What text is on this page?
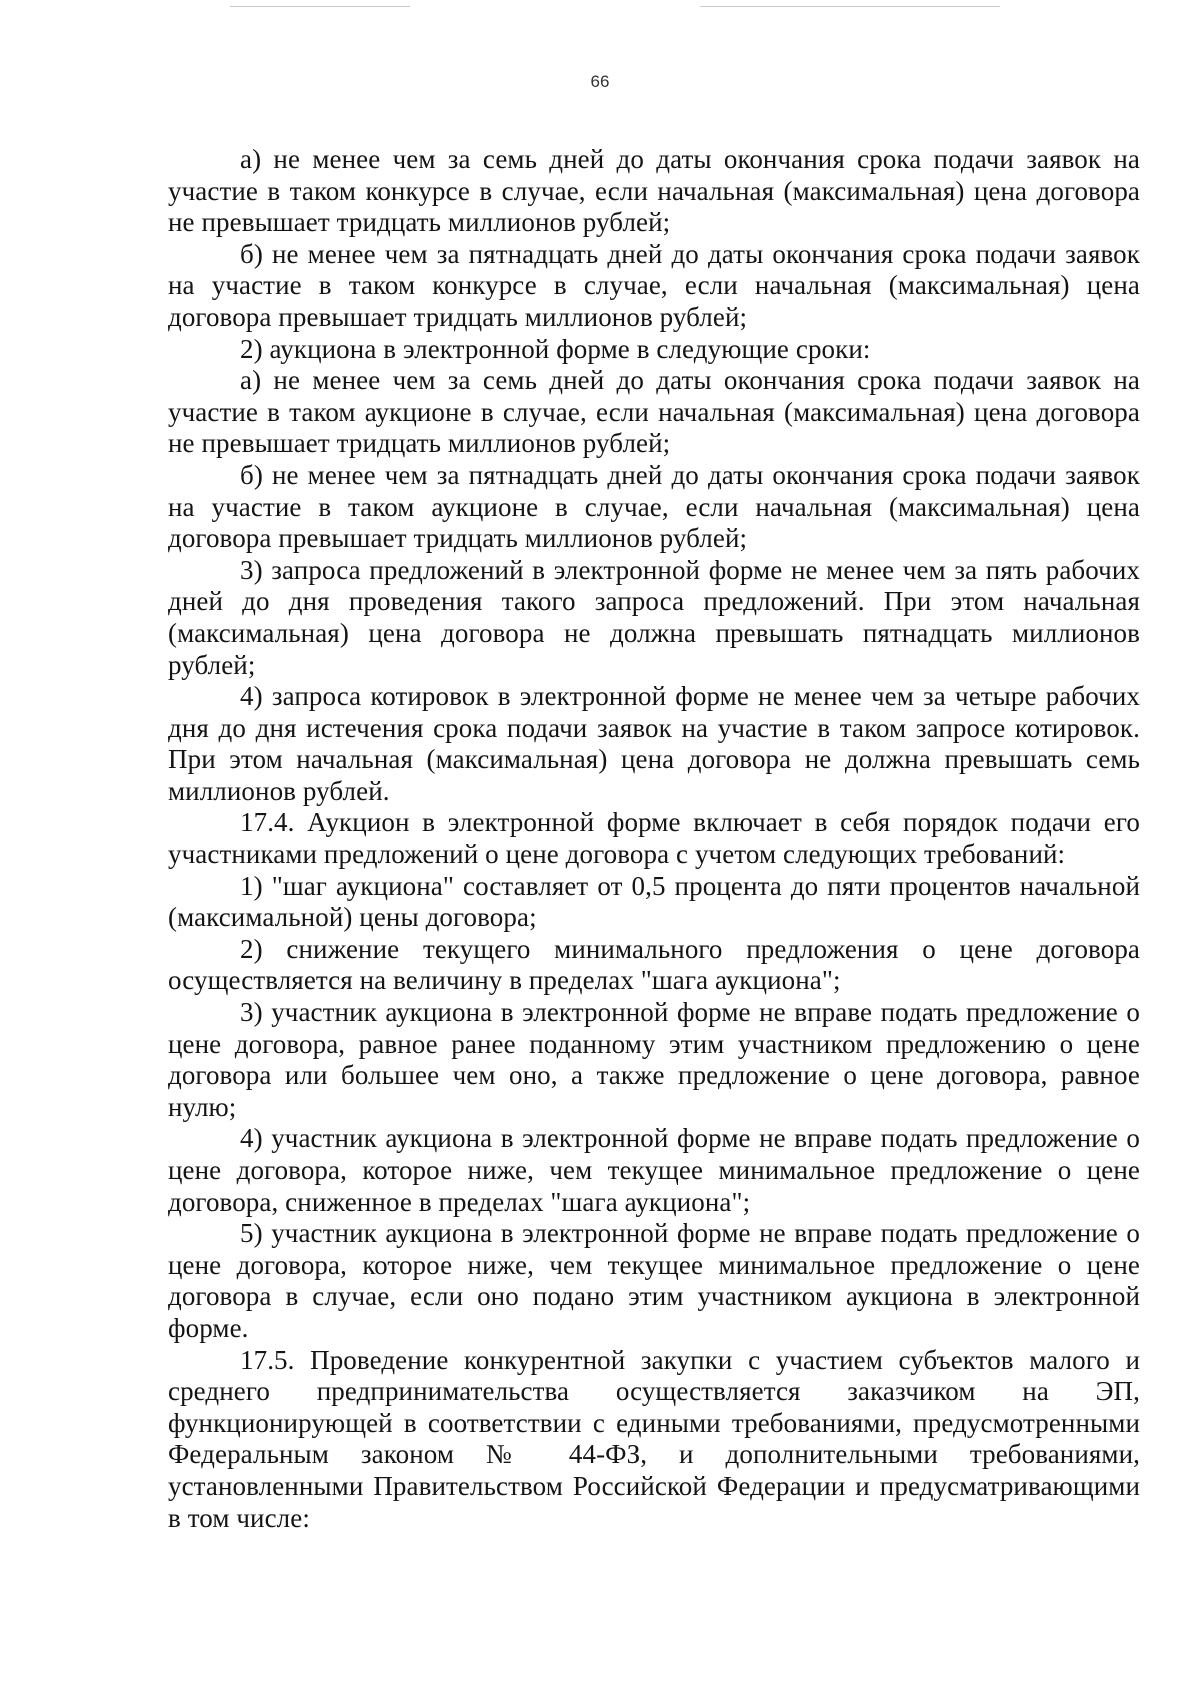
66

а) не менее чем за семь дней до даты окончания срока подачи заявок на участие в таком конкурсе в случае, если начальная (максимальная) цена договора не превышает тридцать миллионов рублей;

б) не менее чем за пятнадцать дней до даты окончания срока подачи заявок на участие в таком конкурсе в случае, если начальная (максимальная) цена договора превышает тридцать миллионов рублей;

2) аукциона в электронной форме в следующие сроки:

а) не менее чем за семь дней до даты окончания срока подачи заявок на участие в таком аукционе в случае, если начальная (максимальная) цена договора не превышает тридцать миллионов рублей;

б) не менее чем за пятнадцать дней до даты окончания срока подачи заявок на участие в таком аукционе в случае, если начальная (максимальная) цена договора превышает тридцать миллионов рублей;

3) запроса предложений в электронной форме не менее чем за пять рабочих дней до дня проведения такого запроса предложений. При этом начальная (максимальная) цена договора не должна превышать пятнадцать миллионов рублей;

4) запроса котировок в электронной форме не менее чем за четыре рабочих дня до дня истечения срока подачи заявок на участие в таком запросе котировок. При этом начальная (максимальная) цена договора не должна превышать семь миллионов рублей.

17.4. Аукцион в электронной форме включает в себя порядок подачи его участниками предложений о цене договора с учетом следующих требований:

1) "шаг аукциона" составляет от 0,5 процента до пяти процентов начальной (максимальной) цены договора;

2) снижение текущего минимального предложения о цене договора осуществляется на величину в пределах "шага аукциона";

3) участник аукциона в электронной форме не вправе подать предложение о цене договора, равное ранее поданному этим участником предложению о цене договора или большее чем оно, а также предложение о цене договора, равное нулю;

4) участник аукциона в электронной форме не вправе подать предложение о цене договора, которое ниже, чем текущее минимальное предложение о цене договора, сниженное в пределах "шага аукциона";

5) участник аукциона в электронной форме не вправе подать предложение о цене договора, которое ниже, чем текущее минимальное предложение о цене договора в случае, если оно подано этим участником аукциона в электронной форме.

17.5. Проведение конкурентной закупки с участием субъектов малого и среднего предпринимательства осуществляется заказчиком на ЭП, функционирующей в соответствии с едиными требованиями, предусмотренными Федеральным законом № 44-ФЗ, и дополнительными требованиями, установленными Правительством Российской Федерации и предусматривающими в том числе:
